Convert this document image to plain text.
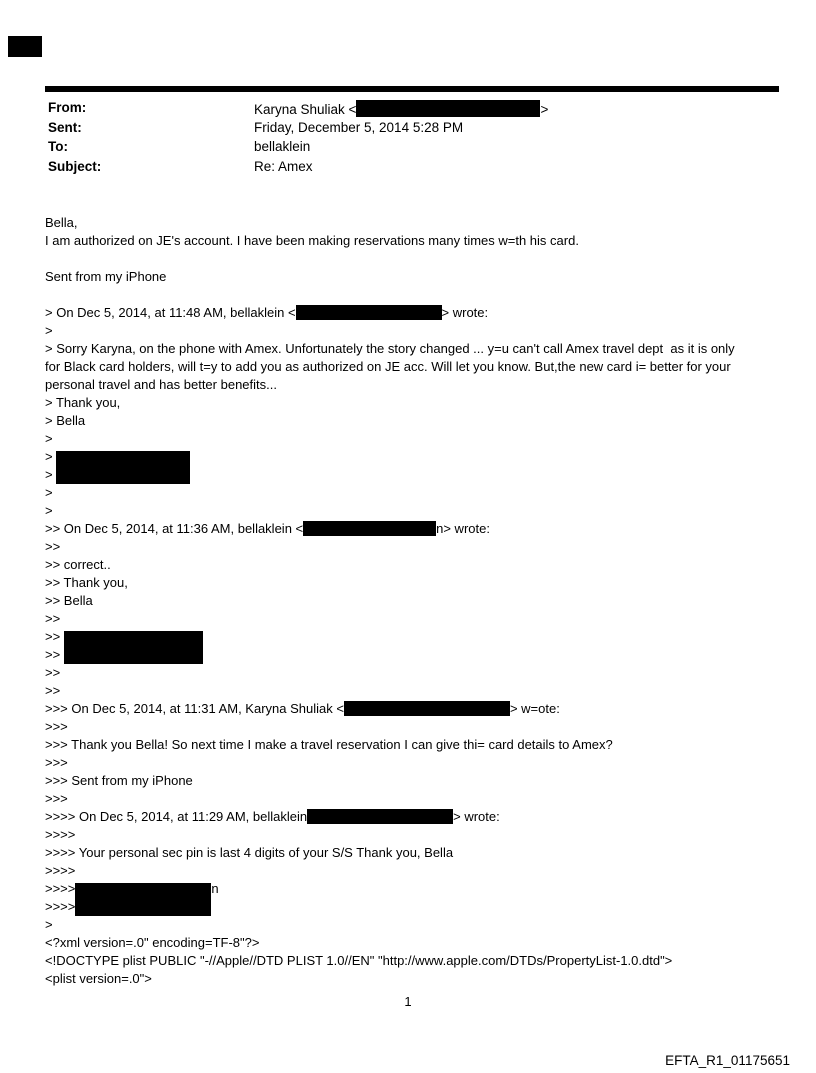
From:	Karyna Shuliak <	>
Sent:	Friday, December 5, 2014 5:28 PM
To:	bellaklein
Subject:	Re: Amex
Bella,
I am authorized on JE's account. I have been making reservations many times w=th his card.
Sent from my iPhone
> On Dec 5, 2014, at 11:48 AM, bellaklein <	> wrote:
>
> Sorry Karyna, on the phone with Amex. Unfortunately the story changed ... y=u can't call Amex travel dept  as it is only
for Black card holders, will t=y to add you as authorized on JE acc. Will let you know. But,the new card i= better for your
personal travel and has better benefits...
> Thank you,
> Bella
>
>
>
>
>
>> On Dec 5, 2014, at 11:36 AM, bellaklein <	n> wrote:
>>
>> correct..
>> Thank you,
>> Bella
>>
>>
>>
>>
>>
>>> On Dec 5, 2014, at 11:31 AM, Karyna Shuliak <	> w=ote:
>>>
>>> Thank you Bella! So next time I make a travel reservation I can give thi= card details to Amex?
>>>
>>> Sent from my iPhone
>>>
>>>> On Dec 5, 2014, at 11:29 AM, bellaklein	> wrote:
>>>>
>>>> Your personal sec pin is last 4 digits of your S/S Thank you, Bella
>>>>
>>>>	n
>>>>
>
<?xml version=.0" encoding=TF-8"?>
<!DOCTYPE plist PUBLIC "-//Apple//DTD PLIST 1.0//EN" "http://www.apple.com/DTDs/PropertyList-1.0.dtd">
<plist version=.0">
1
EFTA_R1_01175651
